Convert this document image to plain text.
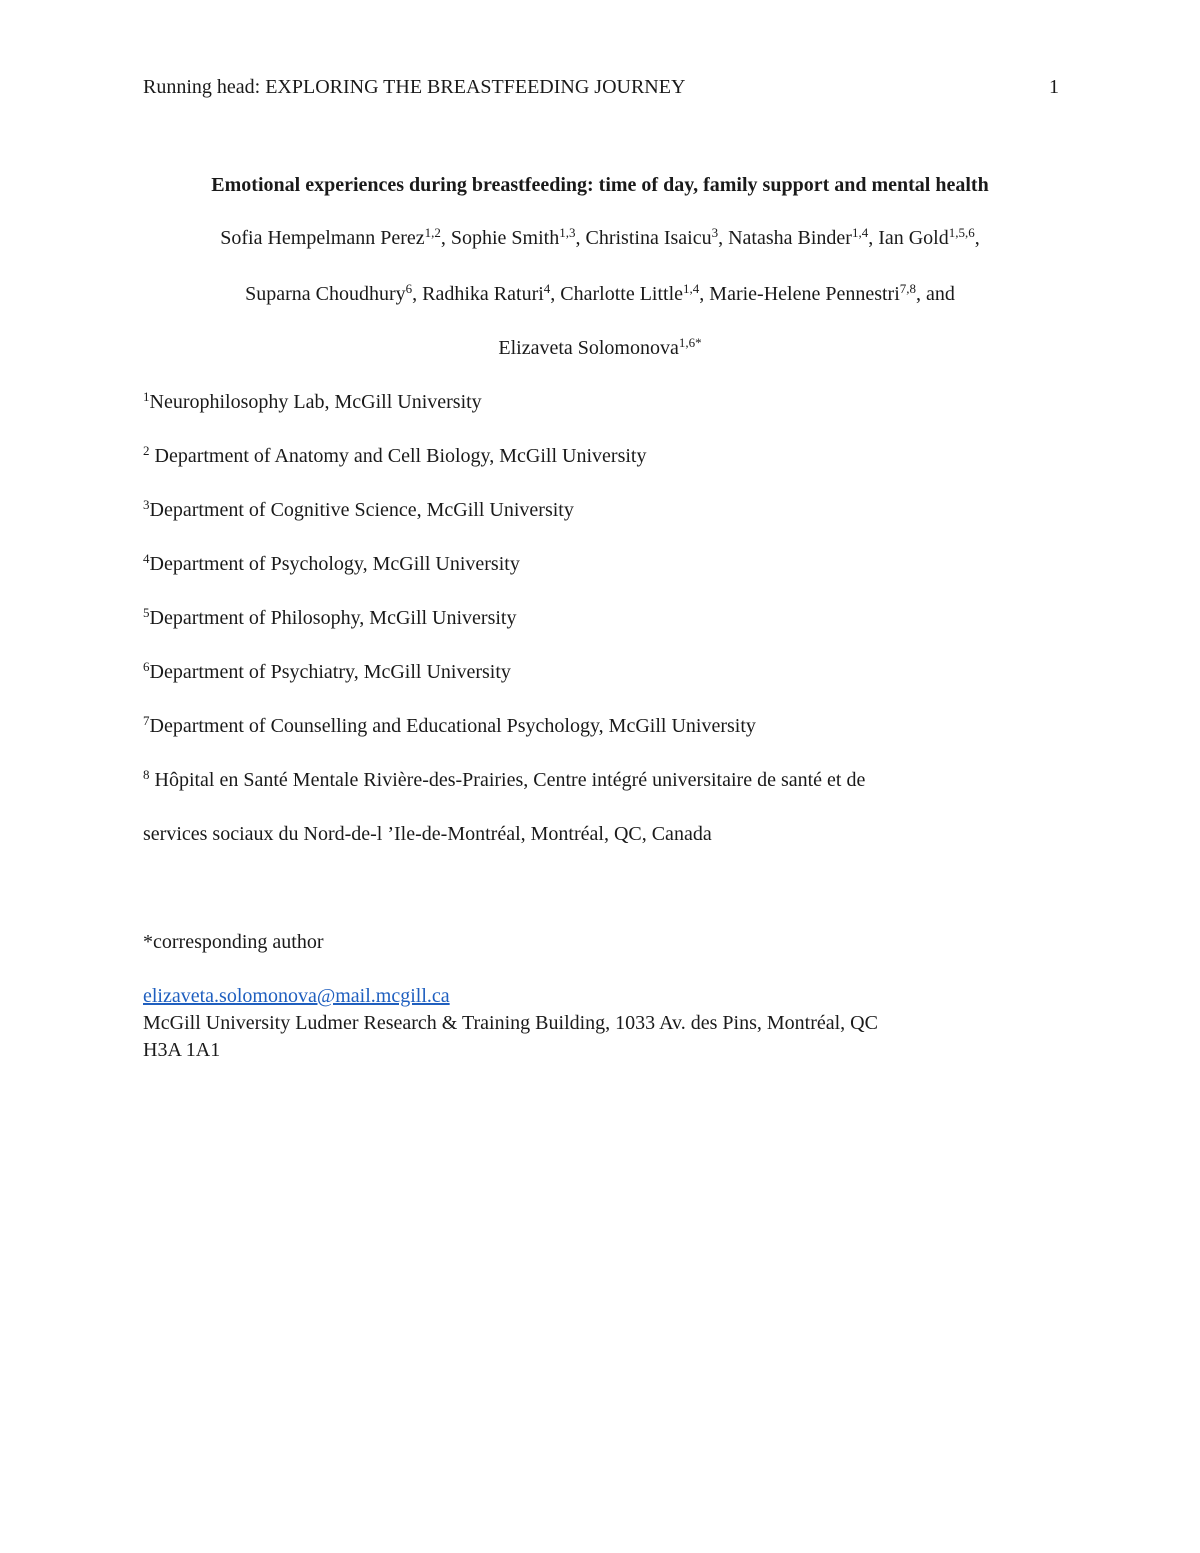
Running head: EXPLORING THE BREASTFEEDING JOURNEY	1
Emotional experiences during breastfeeding: time of day, family support and mental health
Sofia Hempelmann Perez$^{1,2}$, Sophie Smith$^{1,3}$, Christina Isaicu$^3$, Natasha Binder$^{1,4}$, Ian Gold$^{1,5,6}$,
Suparna Choudhury$^6$, Radhika Raturi$^4$, Charlotte Little$^{1,4}$, Marie-Helene Pennestri$^{7,8}$, and
Elizaveta Solomonova$^{1,6*}$
$^1$Neurophilosophy Lab, McGill University
$^2$ Department of Anatomy and Cell Biology, McGill University
$^3$Department of Cognitive Science, McGill University
$^4$Department of Psychology, McGill University
$^5$Department of Philosophy, McGill University
$^6$Department of Psychiatry, McGill University
$^7$Department of Counselling and Educational Psychology, McGill University
$^8$ Hôpital en Santé Mentale Rivière-des-Prairies, Centre intégré universitaire de santé et de
services sociaux du Nord-de-l ’Ile-de-Montréal, Montréal, QC, Canada
*corresponding author
elizaveta.solomonova@mail.mcgill.ca
McGill University Ludmer Research & Training Building, 1033 Av. des Pins, Montréal, QC
H3A 1A1
